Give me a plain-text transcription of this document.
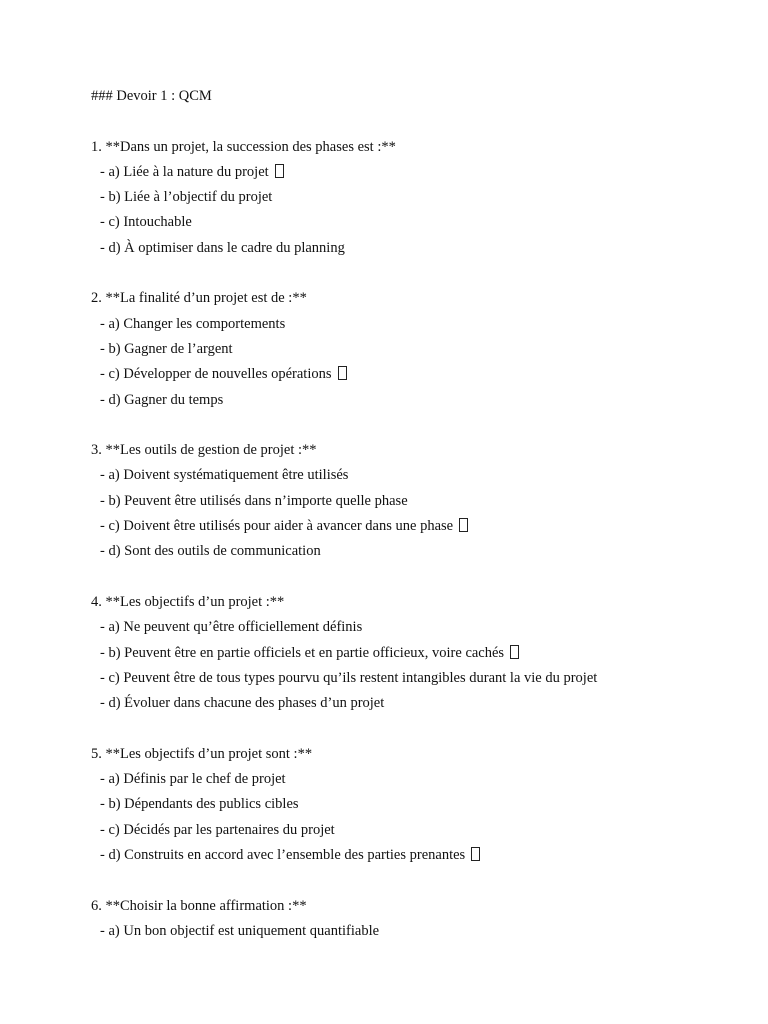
### Devoir 1 : QCM
1. **Dans un projet, la succession des phases est :**
- a) Liée à la nature du projet
- b) Liée à l’objectif du projet
- c) Intouchable
- d) À optimiser dans le cadre du planning
2. **La finalité d’un projet est de :**
- a) Changer les comportements
- b) Gagner de l’argent
- c) Développer de nouvelles opérations
- d) Gagner du temps
3. **Les outils de gestion de projet :**
- a) Doivent systématiquement être utilisés
- b) Peuvent être utilisés dans n’importe quelle phase
- c) Doivent être utilisés pour aider à avancer dans une phase
- d) Sont des outils de communication
4. **Les objectifs d’un projet :**
- a) Ne peuvent qu’être officiellement définis
- b) Peuvent être en partie officiels et en partie officieux, voire cachés
- c) Peuvent être de tous types pourvu qu’ils restent intangibles durant la vie du projet
- d) Évoluer dans chacune des phases d’un projet
5. **Les objectifs d’un projet sont :**
- a) Définis par le chef de projet
- b) Dépendants des publics cibles
- c) Décidés par les partenaires du projet
- d) Construits en accord avec l’ensemble des parties prenantes
6. **Choisir la bonne affirmation :**
- a) Un bon objectif est uniquement quantifiable
